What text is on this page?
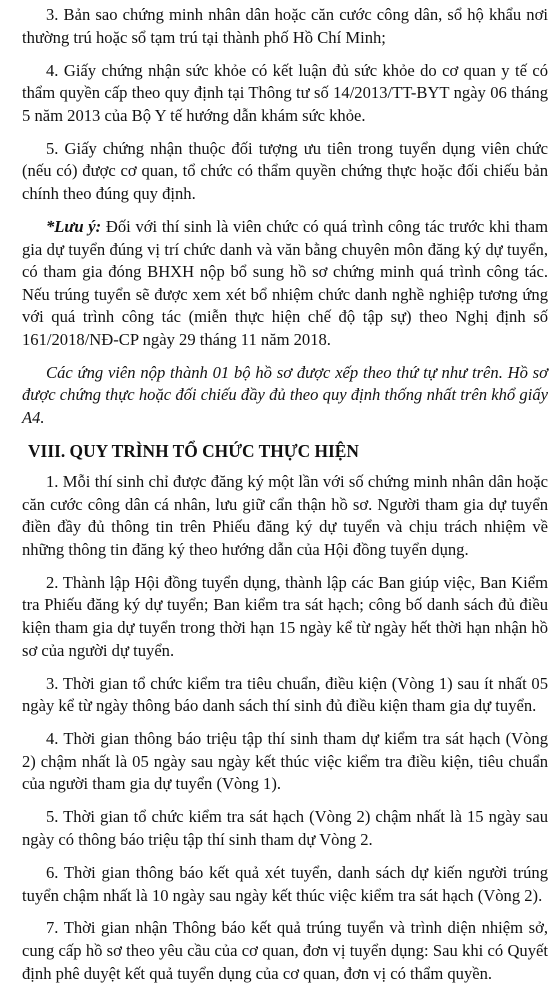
3. Bản sao chứng minh nhân dân hoặc căn cước công dân, sổ hộ khẩu nơi thường trú hoặc sổ tạm trú tại thành phố Hồ Chí Minh;

4. Giấy chứng nhận sức khỏe có kết luận đủ sức khỏe do cơ quan y tế có thẩm quyền cấp theo quy định tại Thông tư số 14/2013/TT-BYT ngày 06 tháng 5 năm 2013 của Bộ Y tế hướng dẫn khám sức khỏe.

5. Giấy chứng nhận thuộc đối tượng ưu tiên trong tuyển dụng viên chức (nếu có) được cơ quan, tổ chức có thẩm quyền chứng thực hoặc đối chiếu bản chính theo đúng quy định.

*Lưu ý: Đối với thí sinh là viên chức có quá trình công tác trước khi tham gia dự tuyển đúng vị trí chức danh và văn bằng chuyên môn đăng ký dự tuyển, có tham gia đóng BHXH nộp bổ sung hồ sơ chứng minh quá trình công tác. Nếu trúng tuyển sẽ được xem xét bổ nhiệm chức danh nghề nghiệp tương ứng với quá trình công tác (miễn thực hiện chế độ tập sự) theo Nghị định số 161/2018/NĐ-CP ngày 29 tháng 11 năm 2018.

Các ứng viên nộp thành 01 bộ hồ sơ được xếp theo thứ tự như trên. Hồ sơ được chứng thực hoặc đối chiếu đầy đủ theo quy định thống nhất trên khổ giấy A4.

VIII. QUY TRÌNH TỔ CHỨC THỰC HIỆN

1. Mỗi thí sinh chỉ được đăng ký một lần với số chứng minh nhân dân hoặc căn cước công dân cá nhân, lưu giữ cẩn thận hồ sơ. Người tham gia dự tuyển điền đầy đủ thông tin trên Phiếu đăng ký dự tuyển và chịu trách nhiệm về những thông tin đăng ký theo hướng dẫn của Hội đồng tuyển dụng.

2. Thành lập Hội đồng tuyển dụng, thành lập các Ban giúp việc, Ban Kiểm tra Phiếu đăng ký dự tuyển; Ban kiểm tra sát hạch; công bố danh sách đủ điều kiện tham gia dự tuyển trong thời hạn 15 ngày kể từ ngày hết thời hạn nhận hồ sơ của người dự tuyển.

3. Thời gian tổ chức kiểm tra tiêu chuẩn, điều kiện (Vòng 1) sau ít nhất 05 ngày kể từ ngày thông báo danh sách thí sinh đủ điều kiện tham gia dự tuyển.

4. Thời gian thông báo triệu tập thí sinh tham dự kiểm tra sát hạch (Vòng 2) chậm nhất là 05 ngày sau ngày kết thúc việc kiểm tra điều kiện, tiêu chuẩn của người tham gia dự tuyển (Vòng 1).

5. Thời gian tổ chức kiểm tra sát hạch (Vòng 2) chậm nhất là 15 ngày sau ngày có thông báo triệu tập thí sinh tham dự Vòng 2.

6. Thời gian thông báo kết quả xét tuyển, danh sách dự kiến người trúng tuyển chậm nhất là 10 ngày sau ngày kết thúc việc kiểm tra sát hạch (Vòng 2).

7. Thời gian nhận Thông báo kết quả trúng tuyển và trình diện nhiệm sở, cung cấp hồ sơ theo yêu cầu của cơ quan, đơn vị tuyển dụng: Sau khi có Quyết định phê duyệt kết quả tuyển dụng của cơ quan, đơn vị có thẩm quyền.
